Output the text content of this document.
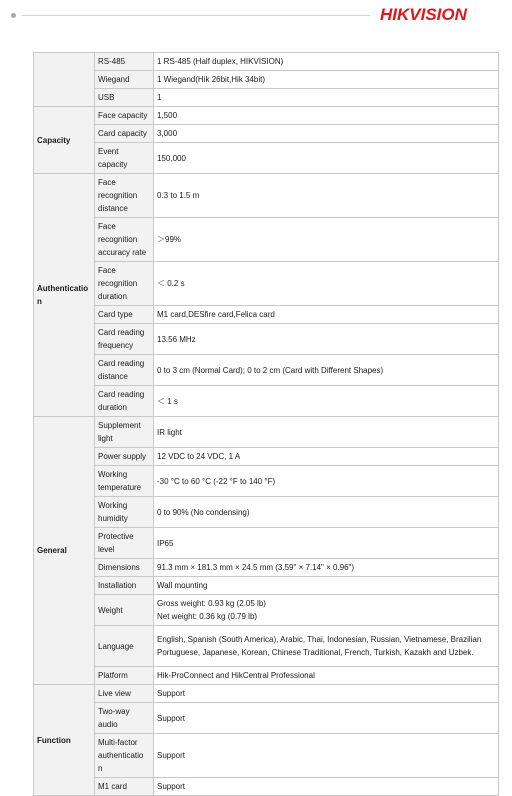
HIKVISION
	RS-485	1 RS-485 (Half duplex, HIKVISION)
	Wiegand	1 Wiegand(Hik 26bit,Hik 34bit)
	USB	1
Capacity	Face capacity	1,500
	Card capacity	3,000
	Event capacity	150,000
Authenticatio n	Face recognition distance	0.3 to 1.5 m
	Face recognition accuracy rate	＞99%
	Face recognition duration	＜ 0.2 s
	Card type	M1 card,DESfire card,Felica card
	Card reading frequency	13.56 MHz
	Card reading distance	0 to 3 cm (Normal Card); 0 to 2 cm (Card with Different Shapes)
	Card reading duration	＜ 1 s
General	Supplement light	IR light
	Power supply	12 VDC to 24 VDC, 1 A
	Working temperature	-30 °C to 60 °C (-22 °F to 140 °F)
	Working humidity	0 to 90% (No condensing)
	Protective level	IP65
	Dimensions	91.3 mm × 181.3 mm × 24.5 mm (3.59" × 7.14" × 0.96")
	Installation	Wall mounting
	Weight	Gross weight: 0.93 kg (2.05 lb)
Net weight: 0.36 kg (0.79 lb)

	Language	English, Spanish (South America), Arabic, Thai, Indonesian, Russian, Vietnamese, Brazilian Portuguese, Japanese, Korean, Chinese Traditional, French, Turkish, Kazakh and Uzbek.
	Platform	Hik-ProConnect and HikCentral Professional
Function	Live view	Support
	Two-way audio	Support
	Multi-factor authenticatio n	Support
	M1 card	Support
